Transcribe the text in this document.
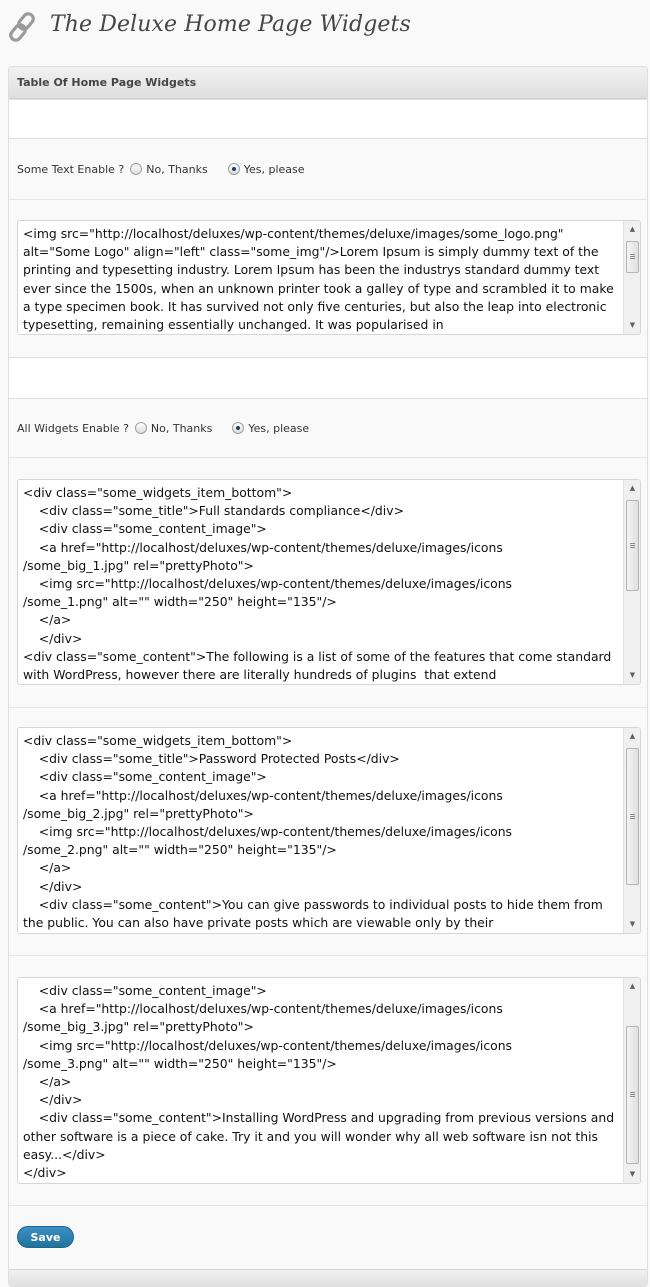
The Deluxe Home Page Widgets
Table Of Home Page Widgets
Some Text Enable ? No, Thanks	Yes, please
<img src="http://localhost/deluxes/wp-content/themes/deluxe/images/some_logo.png" alt="Some Logo" align="left" class="some_img"/>Lorem Ipsum is simply dummy text of the printing and typesetting industry. Lorem Ipsum has been the industrys standard dummy text ever since the 1500s, when an unknown printer took a galley of type and scrambled it to make a type specimen book. It has survived not only five centuries, but also the leap into electronic typesetting, remaining essentially unchanged. It was popularised in
▲
▼
All Widgets Enable ? No, Thanks	Yes, please
<div class="some_widgets_item_bottom">
	<div class="some_title">Full standards compliance</div>
	<div class="some_content_image">
	<a href="http://localhost/deluxes/wp-content/themes/deluxe/images/icons
/some_big_1.jpg" rel="prettyPhoto">
	<img src="http://localhost/deluxes/wp-content/themes/deluxe/images/icons
/some_1.png" alt="" width="250" height="135"/>
	</a>
	</div>
<div class="some_content">The following is a list of some of the features that come standard with WordPress, however there are literally hundreds of plugins  that extend
▲
▼
<div class="some_widgets_item_bottom">
	<div class="some_title">Password Protected Posts</div>
	<div class="some_content_image">
	<a href="http://localhost/deluxes/wp-content/themes/deluxe/images/icons
/some_big_2.jpg" rel="prettyPhoto">
	<img src="http://localhost/deluxes/wp-content/themes/deluxe/images/icons
/some_2.png" alt="" width="250" height="135"/>
	</a>
	</div>
	<div class="some_content">You can give passwords to individual posts to hide them from the public. You can also have private posts which are viewable only by their
▲
▼
	<div class="some_content_image">
	<a href="http://localhost/deluxes/wp-content/themes/deluxe/images/icons
/some_big_3.jpg" rel="prettyPhoto">
	<img src="http://localhost/deluxes/wp-content/themes/deluxe/images/icons
/some_3.png" alt="" width="250" height="135"/>
	</a>
	</div>
	<div class="some_content">Installing WordPress and upgrading from previous versions and other software is a piece of cake. Try it and you will wonder why all web software isn not this easy...</div>
</div>
▲
▼
Save
